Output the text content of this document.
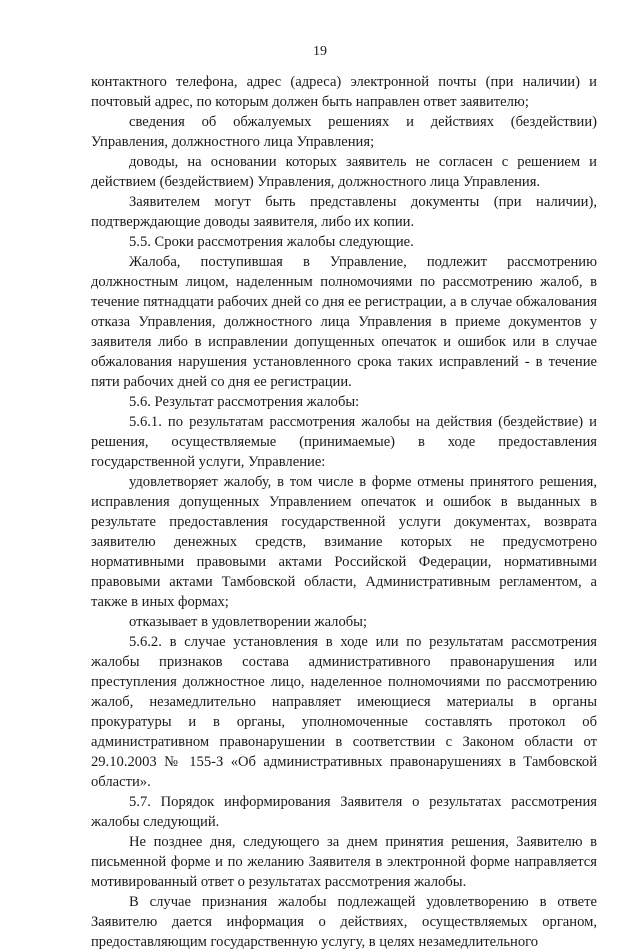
19

контактного телефона, адрес (адреса) электронной почты (при наличии) и почтовый адрес, по которым должен быть направлен ответ заявителю;

сведения об обжалуемых решениях и действиях (бездействии) Управления, должностного лица Управления;

доводы, на основании которых заявитель не согласен с решением и действием (бездействием) Управления, должностного лица Управления.

Заявителем могут быть представлены документы (при наличии), подтверждающие доводы заявителя, либо их копии.

5.5. Сроки рассмотрения жалобы следующие.

Жалоба, поступившая в Управление, подлежит рассмотрению должностным лицом, наделенным полномочиями по рассмотрению жалоб, в течение пятнадцати рабочих дней со дня ее регистрации, а в случае обжалования отказа Управления, должностного лица Управления в приеме документов у заявителя либо в исправлении допущенных опечаток и ошибок или в случае обжалования нарушения установленного срока таких исправлений - в течение пяти рабочих дней со дня ее регистрации.

5.6. Результат рассмотрения жалобы:

5.6.1. по результатам рассмотрения жалобы на действия (бездействие) и решения, осуществляемые (принимаемые) в ходе предоставления государственной услуги, Управление:

удовлетворяет жалобу, в том числе в форме отмены принятого решения, исправления допущенных Управлением опечаток и ошибок в выданных в результате предоставления государственной услуги документах, возврата заявителю денежных средств, взимание которых не предусмотрено нормативными правовыми актами Российской Федерации, нормативными правовыми актами Тамбовской области, Административным регламентом, а также в иных формах;

отказывает в удовлетворении жалобы;

5.6.2. в случае установления в ходе или по результатам рассмотрения жалобы признаков состава административного правонарушения или преступления должностное лицо, наделенное полномочиями по рассмотрению жалоб, незамедлительно направляет имеющиеся материалы в органы прокуратуры и в органы, уполномоченные составлять протокол об административном правонарушении в соответствии с Законом области от 29.10.2003 № 155-З «Об административных правонарушениях в Тамбовской области».

5.7. Порядок информирования Заявителя о результатах рассмотрения жалобы следующий.

Не позднее дня, следующего за днем принятия решения, Заявителю в письменной форме и по желанию Заявителя в электронной форме направляется мотивированный ответ о результатах рассмотрения жалобы.

В случае признания жалобы подлежащей удовлетворению в ответе Заявителю дается информация о действиях, осуществляемых органом, предоставляющим государственную услугу, в целях незамедлительного
